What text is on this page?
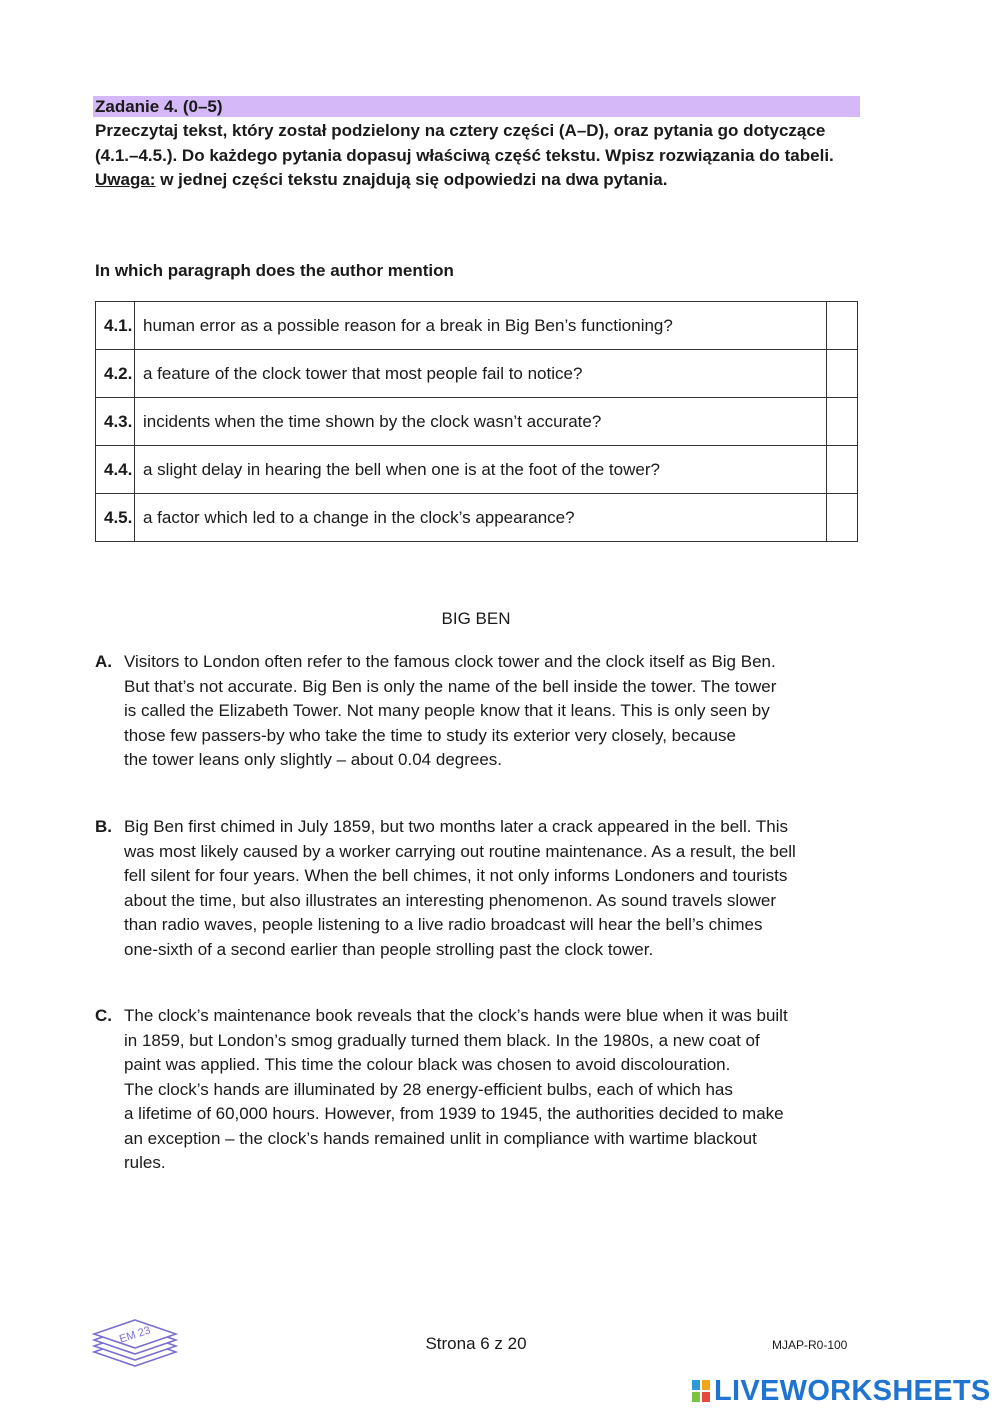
Zadanie 4. (0–5)

Przeczytaj tekst, który został podzielony na cztery części (A–D), oraz pytania go dotyczące (4.1.–4.5.). Do każdego pytania dopasuj właściwą część tekstu. Wpisz rozwiązania do tabeli.

Uwaga: w jednej części tekstu znajdują się odpowiedzi na dwa pytania.

In which paragraph does the author mention
4.1.	human error as a possible reason for a break in Big Ben’s functioning?	
4.2.	a feature of the clock tower that most people fail to notice?	
4.3.	incidents when the time shown by the clock wasn’t accurate?	
4.4.	a slight delay in hearing the bell when one is at the foot of the tower?	
4.5.	a factor which led to a change in the clock’s appearance?	
BIG BEN
A. Visitors to London often refer to the famous clock tower and the clock itself as Big Ben.
But that’s not accurate. Big Ben is only the name of the bell inside the tower. The tower
is called the Elizabeth Tower. Not many people know that it leans. This is only seen by
those few passers-by who take the time to study its exterior very closely, because
the tower leans only slightly – about 0.04 degrees.
B. Big Ben first chimed in July 1859, but two months later a crack appeared in the bell. This
was most likely caused by a worker carrying out routine maintenance. As a result, the bell
fell silent for four years. When the bell chimes, it not only informs Londoners and tourists
about the time, but also illustrates an interesting phenomenon. As sound travels slower
than radio waves, people listening to a live radio broadcast will hear the bell’s chimes
one-sixth of a second earlier than people strolling past the clock tower.
C. The clock’s maintenance book reveals that the clock’s hands were blue when it was built
in 1859, but London’s smog gradually turned them black. In the 1980s, a new coat of
paint was applied. This time the colour black was chosen to avoid discolouration.
The clock’s hands are illuminated by 28 energy-efficient bulbs, each of which has
a lifetime of 60,000 hours. However, from 1939 to 1945, the authorities decided to make
an exception – the clock’s hands remained unlit in compliance with wartime blackout
rules.
EM 23	Strona 6 z 20	MJAP-R0-100
LIVEWORKSHEETS
